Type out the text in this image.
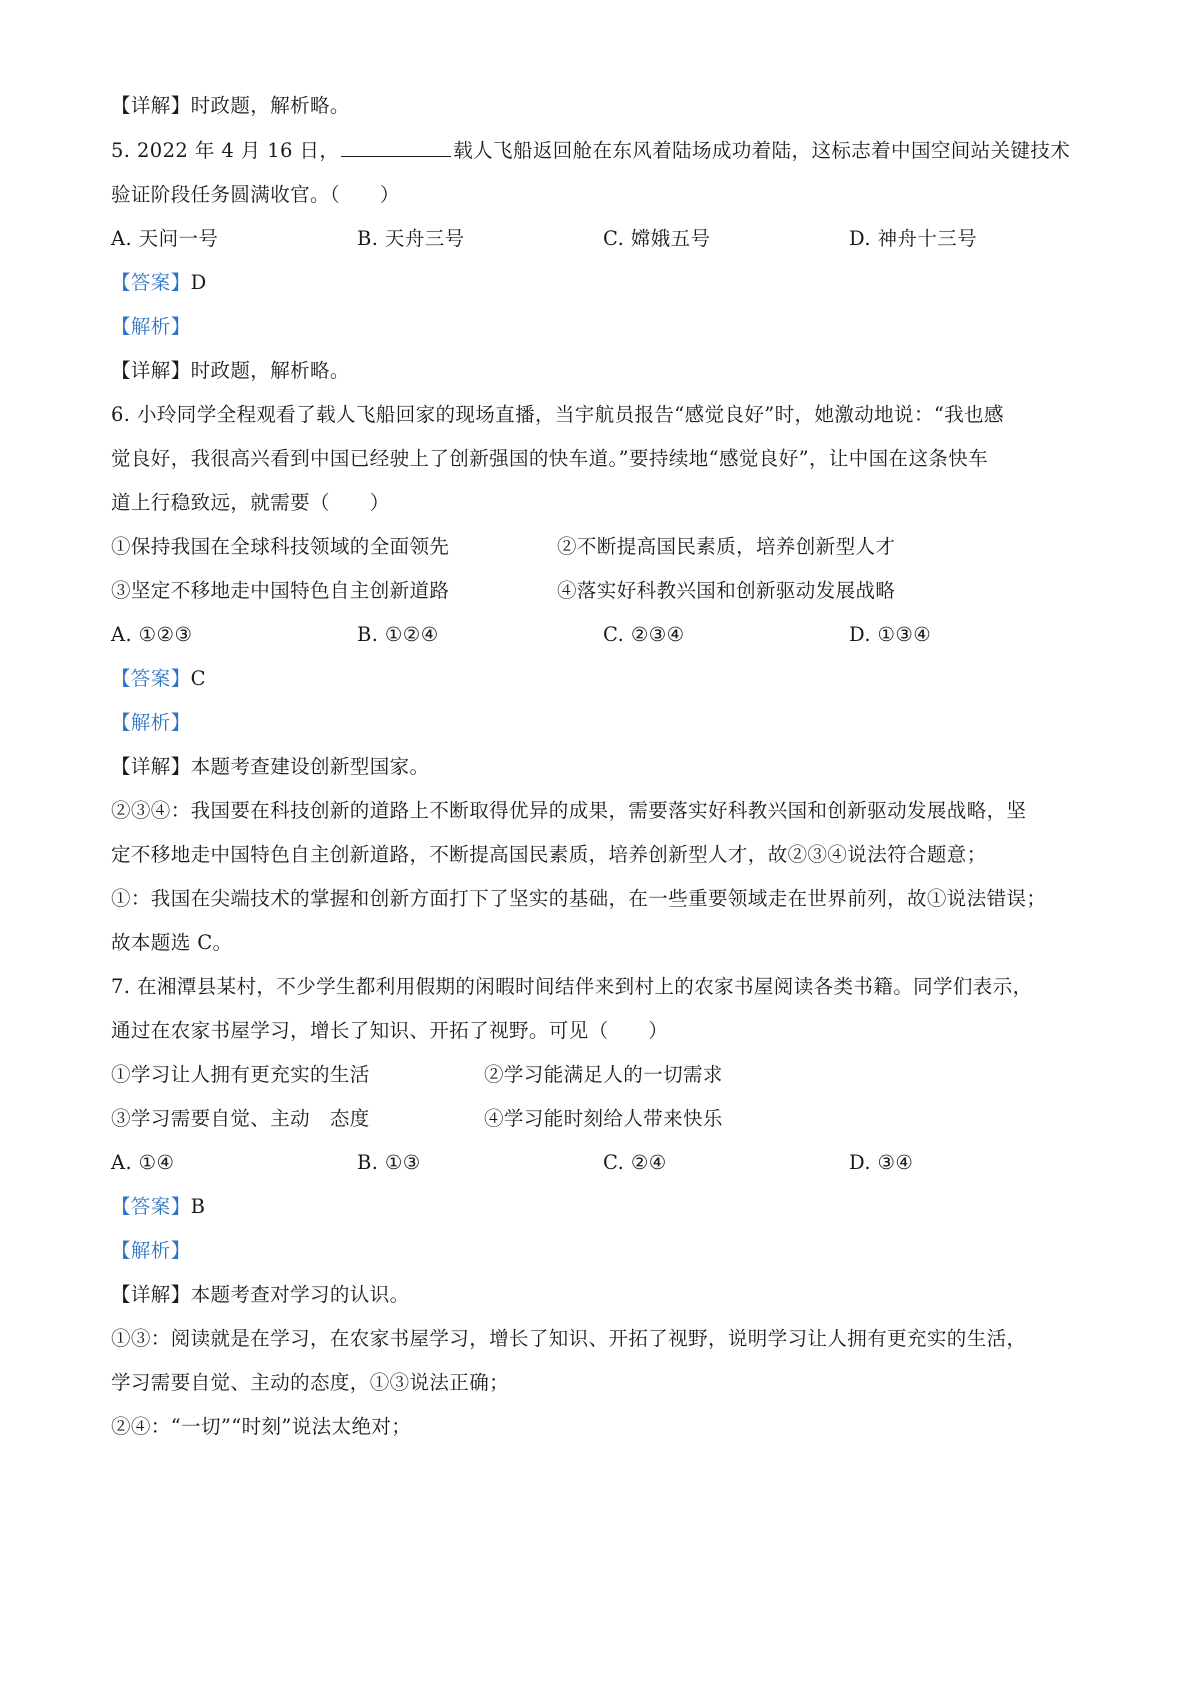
【详解】时政题，解析略。
5. 2022 年 4 月 16 日，	载人飞船返回舱在东风着陆场成功着陆，这标志着中国空间站关键技术
验证阶段任务圆满收官。（　　）
A. 天问一号	B. 天舟三号	C. 嫦娥五号	D. 神舟十三号
【答案】D
【解析】
【详解】时政题，解析略。
6. 小玲同学全程观看了载人飞船回家的现场直播，当宇航员报告“感觉良好”时，她激动地说：“我也感
觉良好，我很高兴看到中国已经驶上了创新强国的快车道。”要持续地“感觉良好”，让中国在这条快车
道上行稳致远，就需要（　　）
①保持我国在全球科技领域的全面领先	②不断提高国民素质，培养创新型人才
③坚定不移地走中国特色自主创新道路	④落实好科教兴国和创新驱动发展战略
A. ①②③	B. ①②④	C. ②③④	D. ①③④
【答案】C
【解析】
【详解】本题考查建设创新型国家。
②③④：我国要在科技创新的道路上不断取得优异的成果，需要落实好科教兴国和创新驱动发展战略，坚
定不移地走中国特色自主创新道路，不断提高国民素质，培养创新型人才，故②③④说法符合题意；
①：我国在尖端技术的掌握和创新方面打下了坚实的基础，在一些重要领域走在世界前列，故①说法错误；
故本题选 C。
7. 在湘潭县某村，不少学生都利用假期的闲暇时间结伴来到村上的农家书屋阅读各类书籍。同学们表示，
通过在农家书屋学习，增长了知识、开拓了视野。可见（　　）
①学习让人拥有更充实的生活	②学习能满足人的一切需求
③学习需要自觉、主动　态度	④学习能时刻给人带来快乐
A. ①④	B. ①③	C. ②④	D. ③④
【答案】B
【解析】
【详解】本题考查对学习的认识。
①③：阅读就是在学习，在农家书屋学习，增长了知识、开拓了视野，说明学习让人拥有更充实的生活，
学习需要自觉、主动的态度，①③说法正确；
②④：“一切”“时刻”说法太绝对；
